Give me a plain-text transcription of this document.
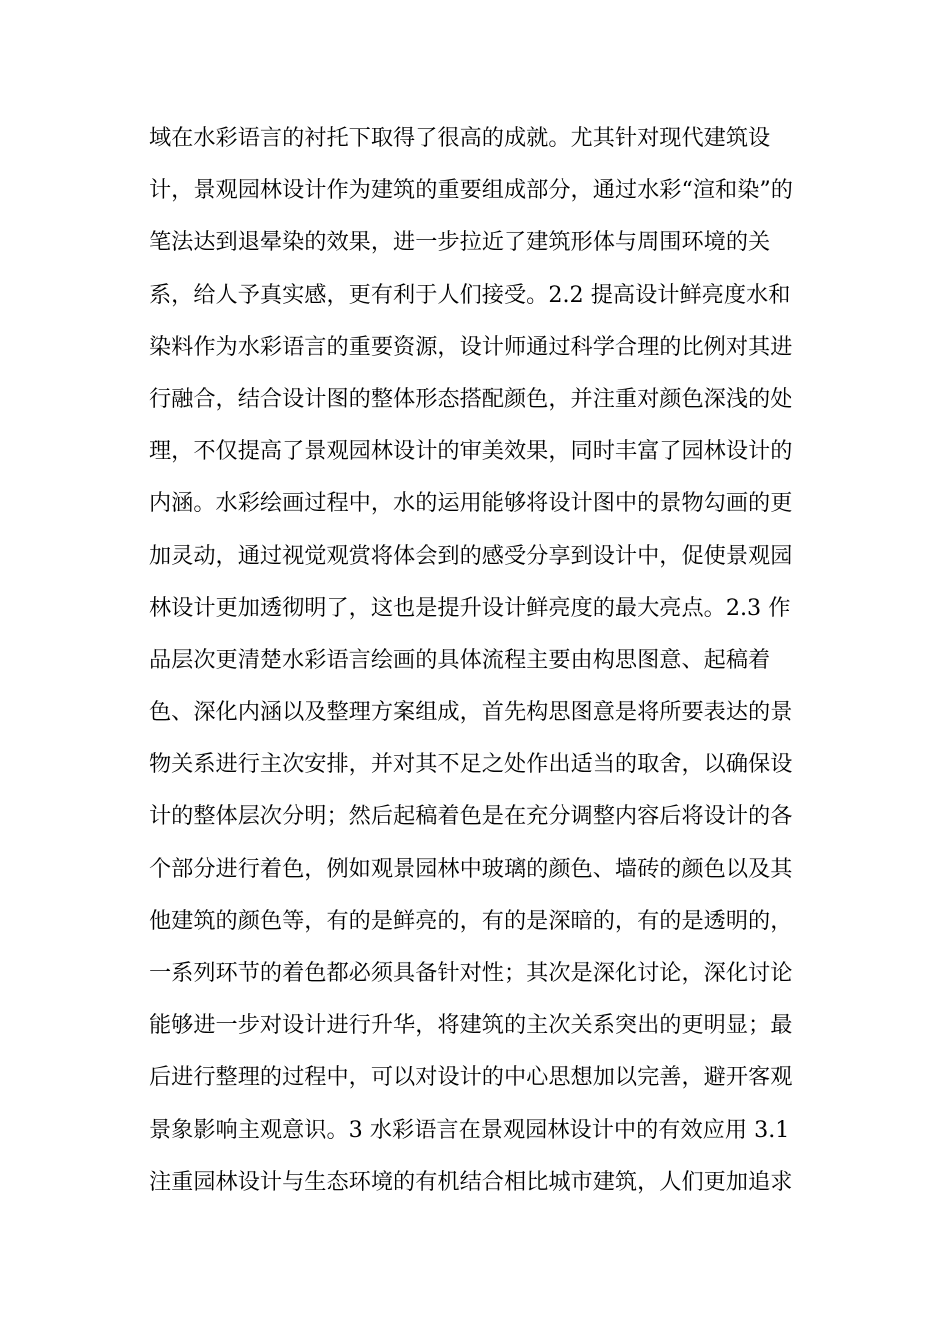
域在水彩语言的衬托下取得了很高的成就。尤其针对现代建筑设
计，景观园林设计作为建筑的重要组成部分，通过水彩“渲和染”的
笔法达到退晕染的效果，进一步拉近了建筑形体与周围环境的关
系，给人予真实感，更有利于人们接受。2.2 提高设计鲜亮度水和
染料作为水彩语言的重要资源，设计师通过科学合理的比例对其进
行融合，结合设计图的整体形态搭配颜色，并注重对颜色深浅的处
理，不仅提高了景观园林设计的审美效果，同时丰富了园林设计的
内涵。水彩绘画过程中，水的运用能够将设计图中的景物勾画的更
加灵动，通过视觉观赏将体会到的感受分享到设计中，促使景观园
林设计更加透彻明了，这也是提升设计鲜亮度的最大亮点。2.3 作
品层次更清楚水彩语言绘画的具体流程主要由构思图意、起稿着
色、深化内涵以及整理方案组成，首先构思图意是将所要表达的景
物关系进行主次安排，并对其不足之处作出适当的取舍，以确保设
计的整体层次分明；然后起稿着色是在充分调整内容后将设计的各
个部分进行着色，例如观景园林中玻璃的颜色、墙砖的颜色以及其
他建筑的颜色等，有的是鲜亮的，有的是深暗的，有的是透明的，
一系列环节的着色都必须具备针对性；其次是深化讨论，深化讨论
能够进一步对设计进行升华，将建筑的主次关系突出的更明显；最
后进行整理的过程中，可以对设计的中心思想加以完善，避开客观
景象影响主观意识。3 水彩语言在景观园林设计中的有效应用 3.1
注重园林设计与生态环境的有机结合相比城市建筑，人们更加追求
